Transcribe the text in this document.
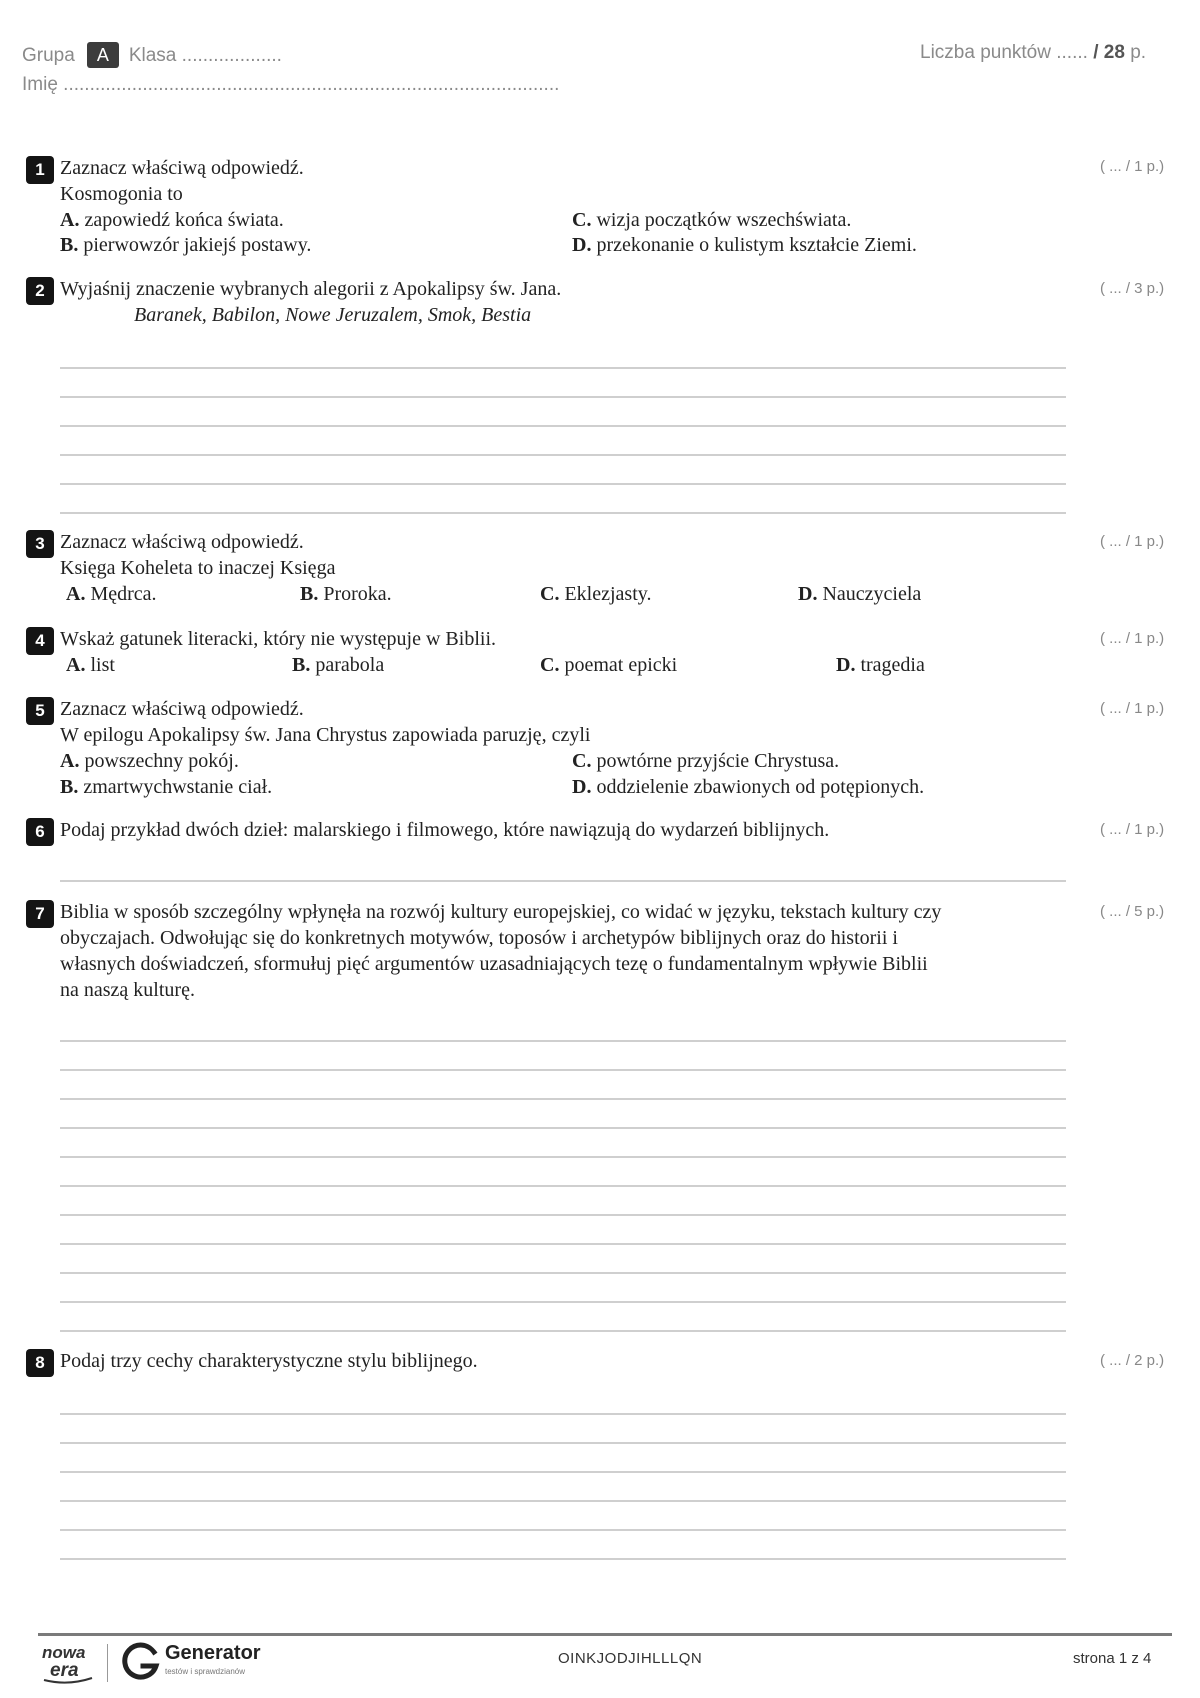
Grupa A Klasa ...................
Imię ..............................................................................................
Liczba punktów ...... / 28 p.
1 Zaznacz właściwą odpowiedź.
Kosmogonia to
( ... / 1 p.)
A. zapowiedź końca świata.
B. pierwowzór jakiejś postawy.
C. wizja początków wszechświata.
D. przekonanie o kulistym kształcie Ziemi.
2 Wyjaśnij znaczenie wybranych alegorii z Apokalipsy św. Jana.
Baranek, Babilon, Nowe Jeruzalem, Smok, Bestia
( ... / 3 p.)
3 Zaznacz właściwą odpowiedź.
Księga Koheleta to inaczej Księga
( ... / 1 p.)
A. Mędrca.	B. Proroka.	C. Eklezjasty.	D. Nauczyciela
4 Wskaż gatunek literacki, który nie występuje w Biblii.	( ... / 1 p.)
A. list	B. parabola	C. poemat epicki	D. tragedia
5 Zaznacz właściwą odpowiedź.
W epilogu Apokalipsy św. Jana Chrystus zapowiada paruzję, czyli
( ... / 1 p.)
A. powszechny pokój.
B. zmartwychwstanie ciał.
C. powtórne przyjście Chrystusa.
D. oddzielenie zbawionych od potępionych.
6 Podaj przykład dwóch dzieł: malarskiego i filmowego, które nawiązują do wydarzeń biblijnych.	( ... / 1 p.)
7 Biblia w sposób szczególny wpłynęła na rozwój kultury europejskiej, co widać w języku, tekstach kultury czy
obyczajach. Odwołując się do konkretnych motywów, toposów i archetypów biblijnych oraz do historii i
własnych doświadczeń, sformułuj pięć argumentów uzasadniających tezę o fundamentalnym wpływie Biblii
na naszą kulturę.
( ... / 5 p.)
8 Podaj trzy cechy charakterystyczne stylu biblijnego.	( ... / 2 p.)
nowa
era
Generator
testów i sprawdzianów
OINKJODJIHLLLQN	strona 1 z 4
